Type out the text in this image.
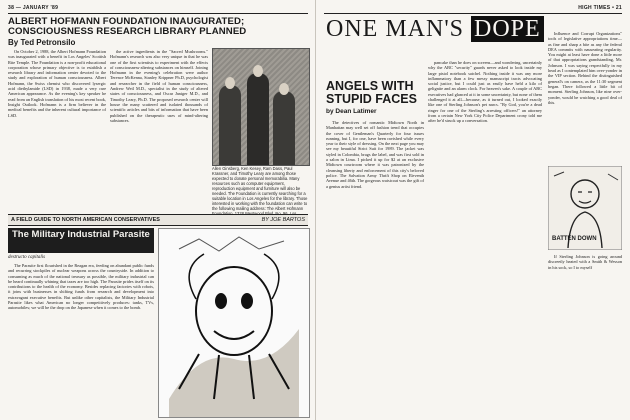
38 — JANUARY '89
ALBERT HOFMANN FOUNDATION INAUGURATED; CONSCIOUSNESS RESEARCH LIBRARY PLANNED
By Ted Petronsilo

On October 2, 1988, the Albert Hofmann Foundation was inaugurated with a benefit in Los Angeles' Scottish Rite Temple. The Foundation is a non-profit educational corporation whose primary objective is to establish a research library and information center devoted to the study and exploration of human consciousness. Albert Hofmann, the Swiss chemist who discovered lysergic acid diethylamide (LSD) in 1938, made a very rare American appearance. As the evening's key speaker he read from an English translation of his most recent book, Insight Outlook. Hofmann is a firm believer in the medical benefits and the inherent cultural importance of LSD.

the active ingredients in the "Sacred Mushrooms." Hofmann's research was also very unique in that he was one of the first scientists to experiment with the effects of consciousness-altering substances on himself. Joining Hofmann in the evening's celebration were author Terence McKenna, Stanley Krippner Ph.D, psychologist and researcher in the field of human consciousness, Andrew Weil M.D., specialist in the study of altered states of consciousness, and Oscar Janiger M.D., and Timothy Leary, Ph.D. The proposed research center will house the many scattered and isolated thousands of scientific articles and bits of information that have been published on the therapeutic uses of mind-altering substances.

Allen Ginsberg, Ken Kesey, Ram Dass, Paul Krassner, and Timothy Leary are among those expected to donate personal memorabilia. Many resources such as computer equipment, reproduction equipment and furniture will also be needed. The Foundation is currently searching for a suitable location in Los Angeles for the library. Those interested in working with the foundation can write to the following mailing address: The Albert Hofmann
A FIELD GUIDE TO NORTH AMERICAN CONSERVATIVES	BY JOE BARTOS
The Military Industrial Parasite
destructo capitalis

The Parasite first flourished in the Reagan era, feeding on abundant public funds and recurring stockpiles of nuclear weapons across the countryside. In addition to consuming as much of the national treasury as possible, the military industrial can be heard continually whining that taxes are too high. The Parasite prides itself on its contributions to the health of the economy. Besides replacing factories with robots, it joins with businesses in shifting funds from research and development into extravagant executive benefits. But unlike other capitalists, the Military Industrial Parasite likes what American no longer competitively produces: tanks, TVs, automobiles; we will be the drop on the Japanese when it comes to the bomb.

HIGH TIMES • 21
ONE MAN'S DOPE

ANGELS WITH STUPID FACES
by Dean Latimer

The detectives of romantic Midtown North in Manhattan may well set off fashion trend that occupies the cover of Gentleman's Quarterly for four issues running, but I, for one, have been ravished while every year to their style of dressing. On the next page you may see my beautiful Strict Suit for 1989. The jacket was styled in Colombia, brags the label, and was first sold in a salon in Lima. I picked it up for $2 at an exclusive Midtown courtroom where it was patronized by the cleansing liberty and enforcement of this city's beloved police. The Salvation Army Thrift Shop on Eleventh Avenue and 46th. The gorgeous waistcoat was the gift of a genius artist friend.

pancake than he does on screens—and wondering, uncertainly why the ABC "security" guards never asked to look inside my large pistol notebook satchel. Nothing inside it was any more inflammatory than a few messy manuscript tracts advocating social justice, but I could just as easily have held a kilo of gelignite and an alarm clock. For heaven's sake. A couple of ABC executives had glanced at it in some uncertainty, but none of them challenged it at all—because, as it turned out, I looked exactly like one of Sterling Johnson's pet narcs. "By God, you're a dead ringer for one of the Sterling's arresting officers!" an attorney from a certain New York City Police Department crony told me after he'd struck up a conversation.

Influence and Corrupt Organizations" tools of legislative appropriations time—as fine and sharp a bite as any the federal DEA commits with nauseating regularity. You might at least have done a little more of that appropriations grandstanding, Mr. Johnson. I was saying respectfully in my head as I contemplated him over-yonder in the VIP section. Behind the distinguished general's on camera, as the 11:30 segment began. There followed a little bit of moment. Sterling Johnson, like nine over-yonder, would be watching a good deal of this.

BATTEN DOWN

If Sterling Johnson is going around discreetly heated with a Smith & Wesson in his sock, so I to myself
